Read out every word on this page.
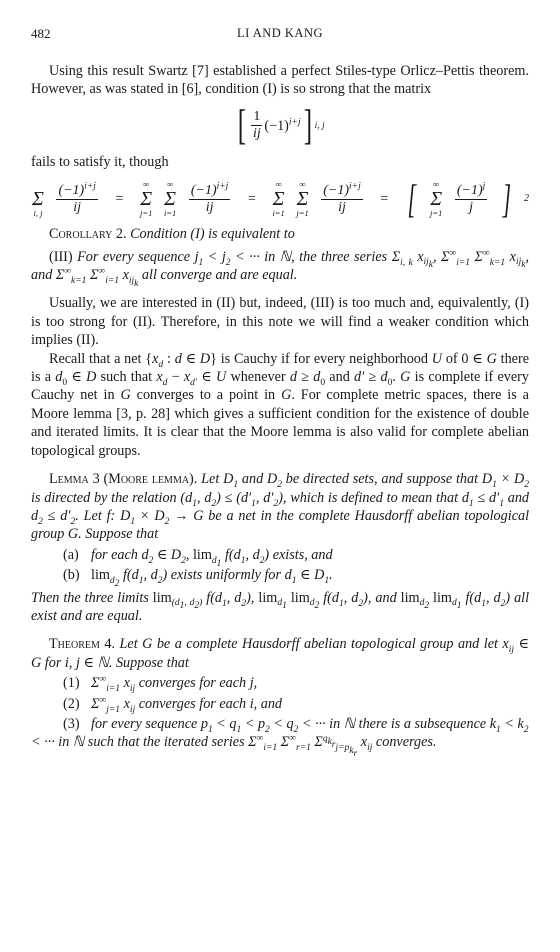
482	LI AND KANG

Using this result Swartz [7] established a perfect Stiles-type Orlicz–Pettis theorem. However, as was stated in [6], condition (I) is so strong that the matrix

[ $\frac{1}{ij} (-1)^{i+j}$ ] i, j

fails to satisfy it, though

Σ
i, j $\frac{(-1)^{i+j}}{ij}$ =
∞
Σ
j=1
∞
Σ
$i=1 \frac{(-1)^{i+j}}{ij}$ =
∞
Σ
i=1
∞
Σ
$j=1 \frac{(-1)^{i+j}}{ij}$ = [ ∞
Σ
$j=1 \frac{(-1)^j}{j}$ ] 2

Corollary 2. Condition (I) is equivalent to

(III) For every sequence $j_1 < j_2$ < ··· in ℕ, the three series $\Sigma_{i, k}$ $x_{ij_k}$, $\Sigma^\infty_{i=1}$ $\Sigma^\infty_{k=1}$ $x_{ij_k}$, and $\Sigma^\infty_{k=1}$ $\Sigma^\infty_{i=1}$ $x_{ij_k}$ all converge and are equal.

Usually, we are interested in (II) but, indeed, (III) is too much and, equivalently, (I) is too strong for (II). Therefore, in this note we will find a weaker condition which implies (II).

Recall that a net {$x_d$ : d ∈ D} is Cauchy if for every neighborhood U of 0 ∈ G there is a $d_0$ ∈ D such that $x_d - x_{d'}$ ∈ U whenever $d \ge d_0$ and $d' \ge d_0$. G is complete if every Cauchy net in G converges to a point in G. For complete metric spaces, there is a Moore lemma [3, p. 28] which gives a sufficient condition for the existence of double and iterated limits. It is clear that the Moore lemma is also valid for complete abelian topological groups.

Lemma 3 (Moore lemma). Let $D_1$ and $D_2$ be directed sets, and suppose that $D_1 \times D_2$ is directed by the relation ($d_1$, $d_2) \le (d'_1$, $d'_2$), which is defined to mean that $d_1 \le d'_1$ and $d_2 \le d'_2$. Let f: $D_1 \times D_2 \to G$ be a net in the complete Hausdorff abelian topological group G. Suppose that

(a) for each $d_2$ ∈ $D_2$, $\lim_{d_1} f(d_1$, $d_2$) exists, and
(b) $\lim_{d_2} f(d_1$, $d_2$) exists uniformly for $d_1$ ∈ $D_1$.

Then the three limits $\lim_{(d_1, d_2)} f(d_1$, $d_2$), $\lim_{d_1} \lim_{d_2} f(d_1$, $d_2$), and $\lim_{d_2} \lim_{d_1} f(d_1$, $d_2$) all exist and are equal.

Theorem 4. Let G be a complete Hausdorff abelian topological group and let $x_{ij}$ ∈ G for i, j ∈ ℕ. Suppose that

(1) $\Sigma^\infty_{i=1}$ $x_{ij}$ converges for each j,
(2) $\Sigma^\infty_{j=1}$ $x_{ij}$ converges for each i, and
(3) for every sequence $p_1 < q_1 < p_2 < q_2$ < ··· in ℕ there is a subsequence $k_1 < k_2$ < ··· in ℕ such that the iterated series $\Sigma^\infty_{i=1}$ $\Sigma^\infty_{r=1}$ $\Sigma^{q_{k_r}}_{j=p_{k_r}}$ $x_{ij}$ converges.
